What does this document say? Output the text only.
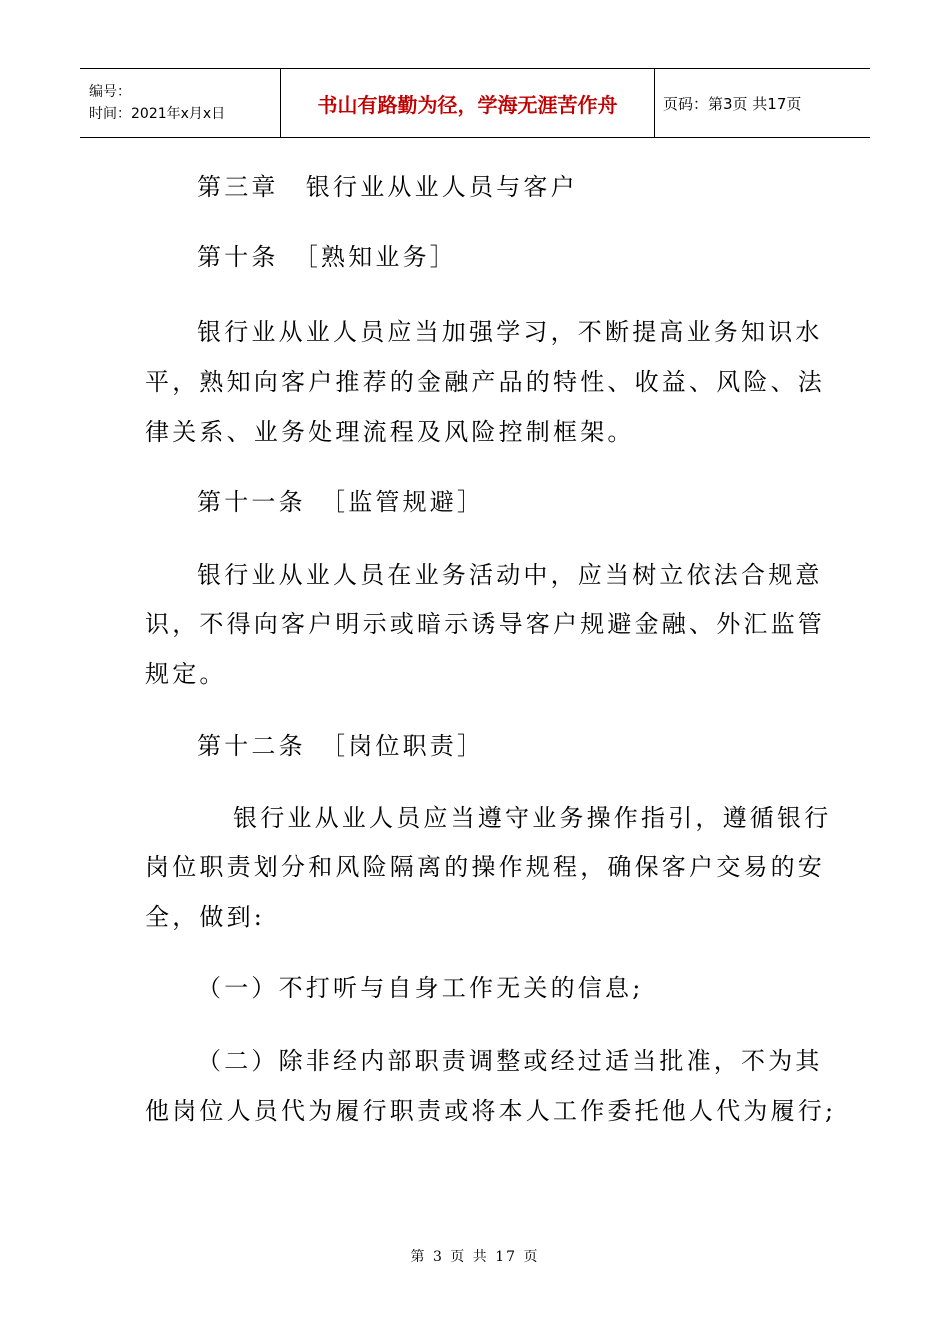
编号：
时间：2021年x月x日	书山有路勤为径，学海无涯苦作舟	页码：第3页 共17页
第三章　银行业从业人员与客户
第十条　［熟知业务］
银行业从业人员应当加强学习，不断提高业务知识水
平，熟知向客户推荐的金融产品的特性、收益、风险、法
律关系、业务处理流程及风险控制框架。
第十一条　［监管规避］
银行业从业人员在业务活动中，应当树立依法合规意
识，不得向客户明示或暗示诱导客户规避金融、外汇监管
规定。
第十二条　［岗位职责］
银行业从业人员应当遵守业务操作指引，遵循银行
岗位职责划分和风险隔离的操作规程，确保客户交易的安
全，做到:
（一）不打听与自身工作无关的信息;
（二）除非经内部职责调整或经过适当批准，不为其
他岗位人员代为履行职责或将本人工作委托他人代为履行;
第 3 页 共 17 页
